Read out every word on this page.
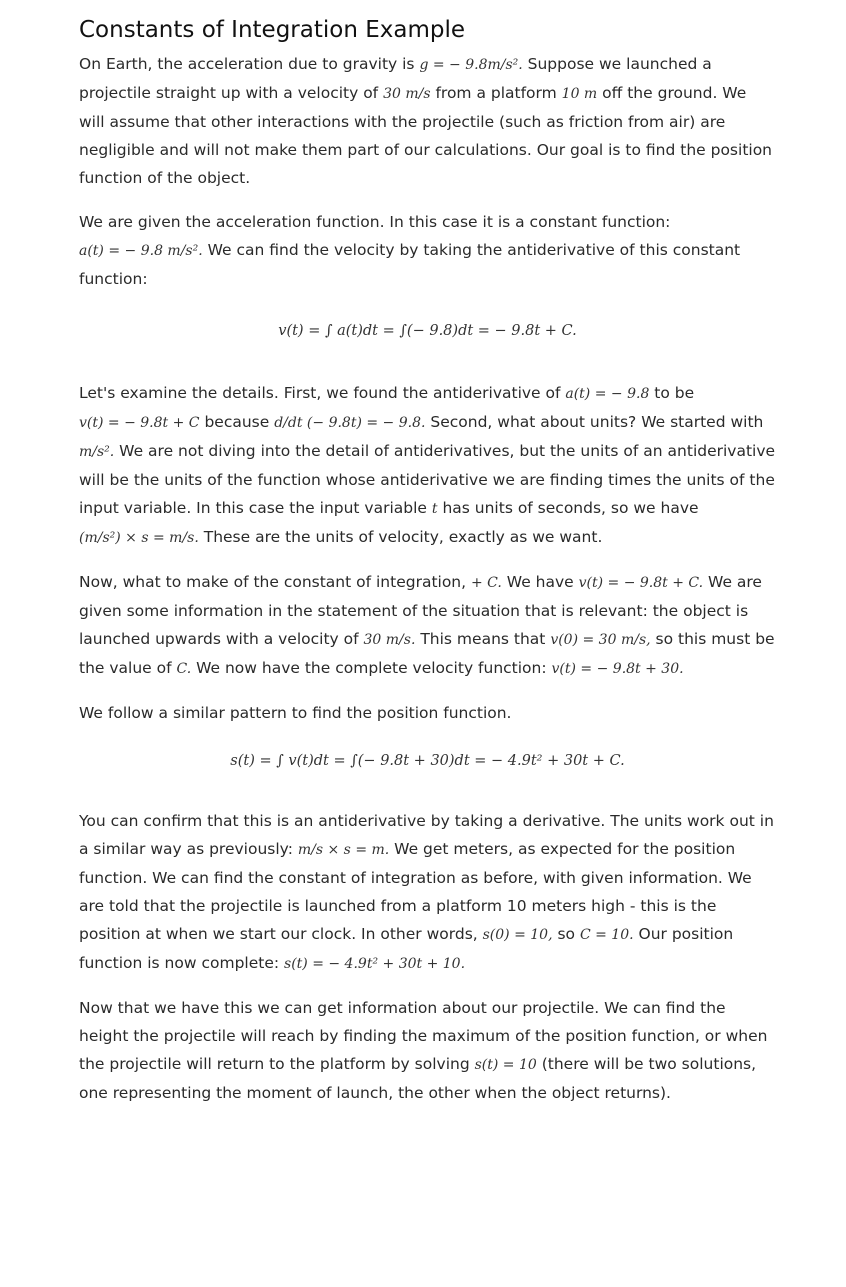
Constants of Integration Example

On Earth, the acceleration due to gravity is g = − 9.8m/s². Suppose we launched a projectile straight up with a velocity of 30 m/s from a platform 10 m off the ground. We will assume that other interactions with the projectile (such as friction from air) are negligible and will not make them part of our calculations. Our goal is to find the position function of the object.

We are given the acceleration function. In this case it is a constant function: a(t) = − 9.8 m/s². We can find the velocity by taking the antiderivative of this constant function:

v(t) = ∫ a(t)dt = ∫(− 9.8)dt = − 9.8t + C.

Let's examine the details. First, we found the antiderivative of a(t) = − 9.8 to be v(t) = − 9.8t + C because d/dt (− 9.8t) = − 9.8. Second, what about units? We started with m/s². We are not diving into the detail of antiderivatives, but the units of an antiderivative will be the units of the function whose antiderivative we are finding times the units of the input variable. In this case the input variable t has units of seconds, so we have (m/s²) × s = m/s. These are the units of velocity, exactly as we want.

Now, what to make of the constant of integration, + C. We have v(t) = − 9.8t + C. We are given some information in the statement of the situation that is relevant: the object is launched upwards with a velocity of 30 m/s. This means that v(0) = 30 m/s, so this must be the value of C. We now have the complete velocity function: v(t) = − 9.8t + 30.

We follow a similar pattern to find the position function.

s(t) = ∫ v(t)dt = ∫(− 9.8t + 30)dt = − 4.9t² + 30t + C.

You can confirm that this is an antiderivative by taking a derivative. The units work out in a similar way as previously: m/s × s = m. We get meters, as expected for the position function. We can find the constant of integration as before, with given information. We are told that the projectile is launched from a platform 10 meters high - this is the position at when we start our clock. In other words, s(0) = 10, so C = 10. Our position function is now complete: s(t) = − 4.9t² + 30t + 10.

Now that we have this we can get information about our projectile. We can find the height the projectile will reach by finding the maximum of the position function, or when the projectile will return to the platform by solving s(t) = 10 (there will be two solutions, one representing the moment of launch, the other when the object returns).
